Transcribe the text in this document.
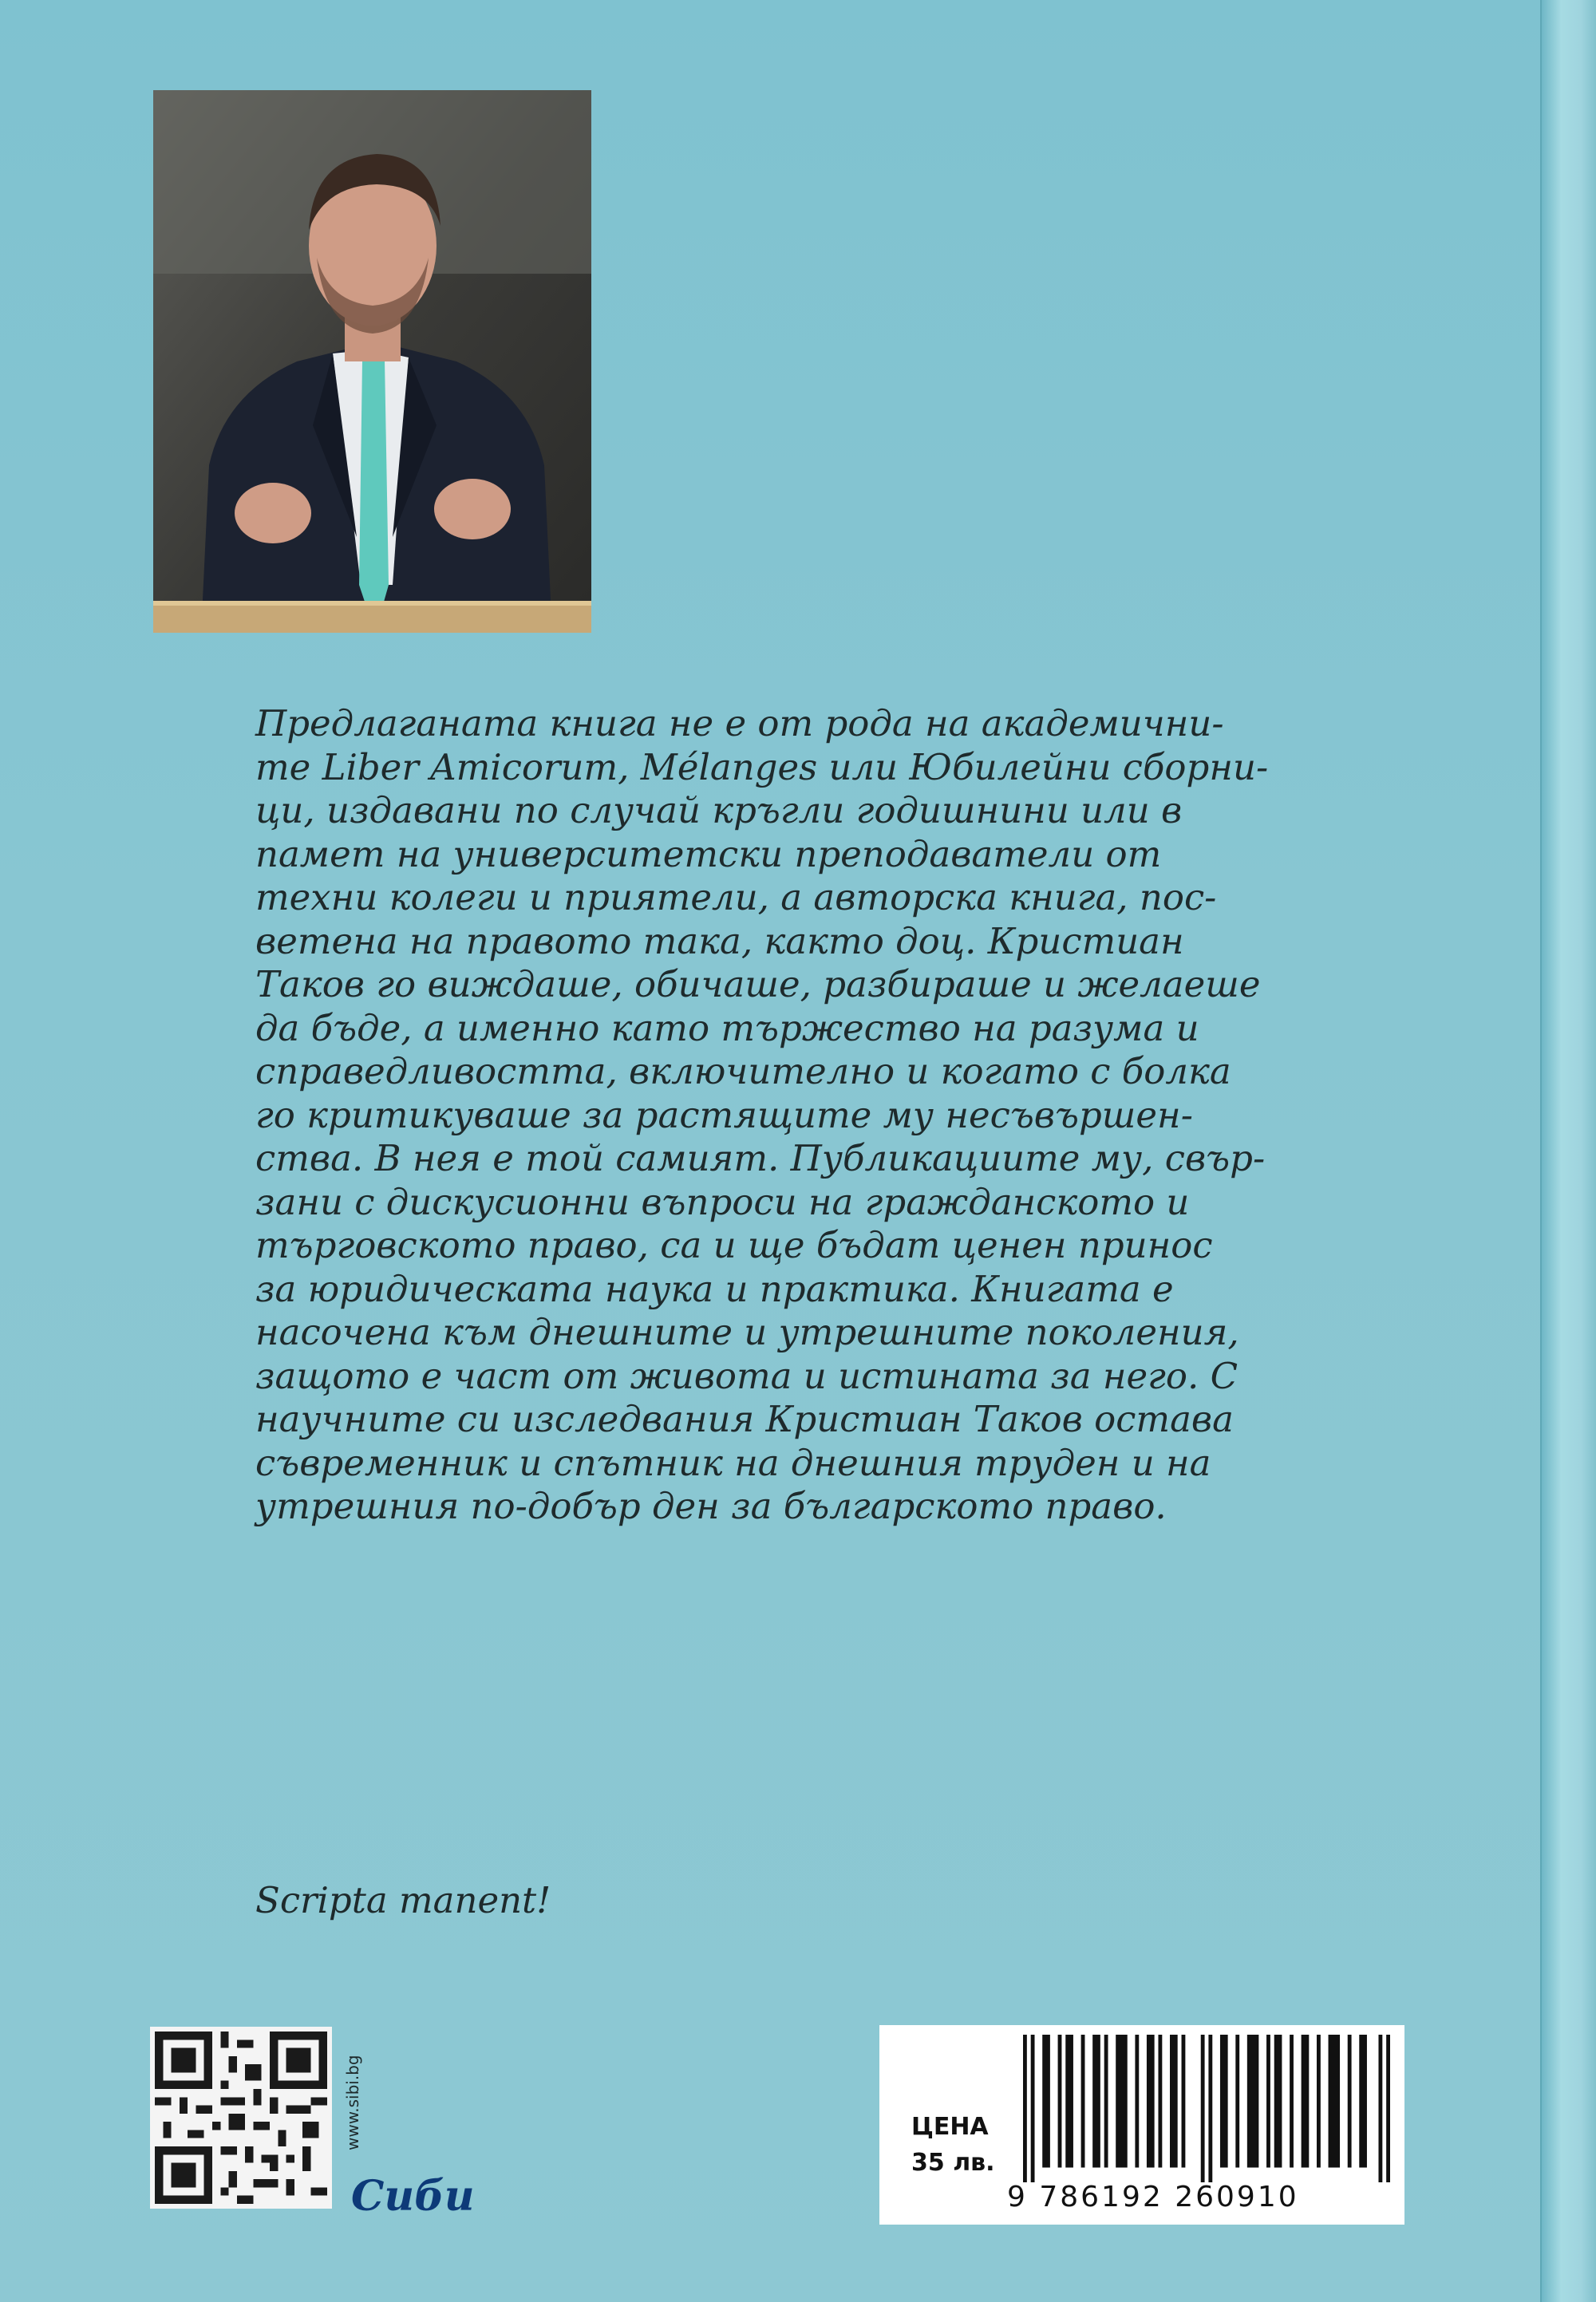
Предлаганата книга не е от рода на академични-

те Liber Amicorum, Mélanges или Юбилейни сборни-

ци, издавани по случай кръгли годишнини или в

памет на университетски преподаватели от

техни колеги и приятели, а авторска книга, пос-

ветена на правото така, както доц. Кристиан

Таков го виждаше, обичаше, разбираше и желаеше

да бъде, а именно като тържество на разума и

справедливостта, включително и когато с болка

го критикуваше за растящите му несъвършен-

ства. В нея е той самият. Публикациите му, свър-

зани с дискусионни въпроси на гражданското и

търговското право, са и ще бъдат ценен принос

за юридическата наука и практика. Книгата е

насочена към днешните и утрешните поколения,

защото е част от живота и истината за него. С

научните си изследвания Кристиан Таков остава

съвременник и спътник на днешния труден и на

утрешния по-добър ден за българското право.

Scripta manent!

www.sibi.bg
Сиби
ЦЕНА
35 лв.
9 786192 260910
